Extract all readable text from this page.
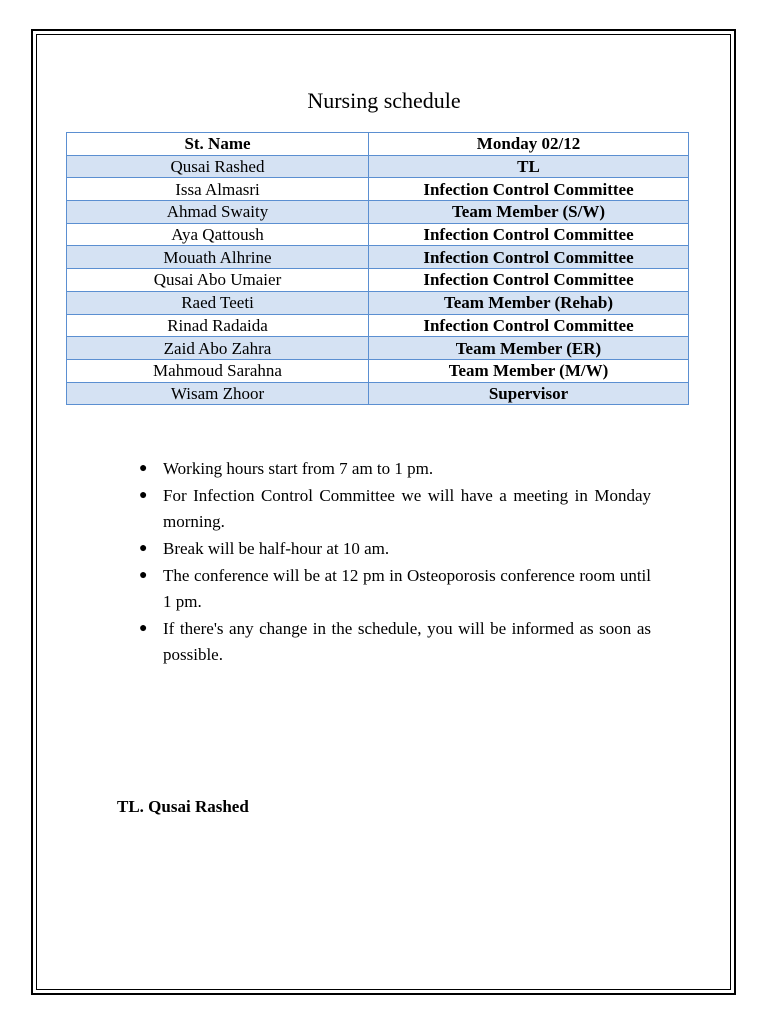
Nursing schedule
St. Name	Monday 02/12
Qusai Rashed	TL
Issa Almasri	Infection Control Committee
Ahmad Swaity	Team Member (S/W)
Aya Qattoush	Infection Control Committee
Mouath Alhrine	Infection Control Committee
Qusai Abo Umaier	Infection Control Committee
Raed Teeti	Team Member (Rehab)
Rinad Radaida	Infection Control Committee
Zaid Abo Zahra	Team Member (ER)
Mahmoud Sarahna	Team Member (M/W)
Wisam Zhoor	Supervisor
● Working hours start from 7 am to 1 pm.
● For Infection Control Committee we will have a meeting in Monday morning.
● Break will be half-hour at 10 am.
● The conference will be at 12 pm in Osteoporosis conference room until 1 pm.
● If there's any change in the schedule, you will be informed as soon as possible.
TL. Qusai Rashed
